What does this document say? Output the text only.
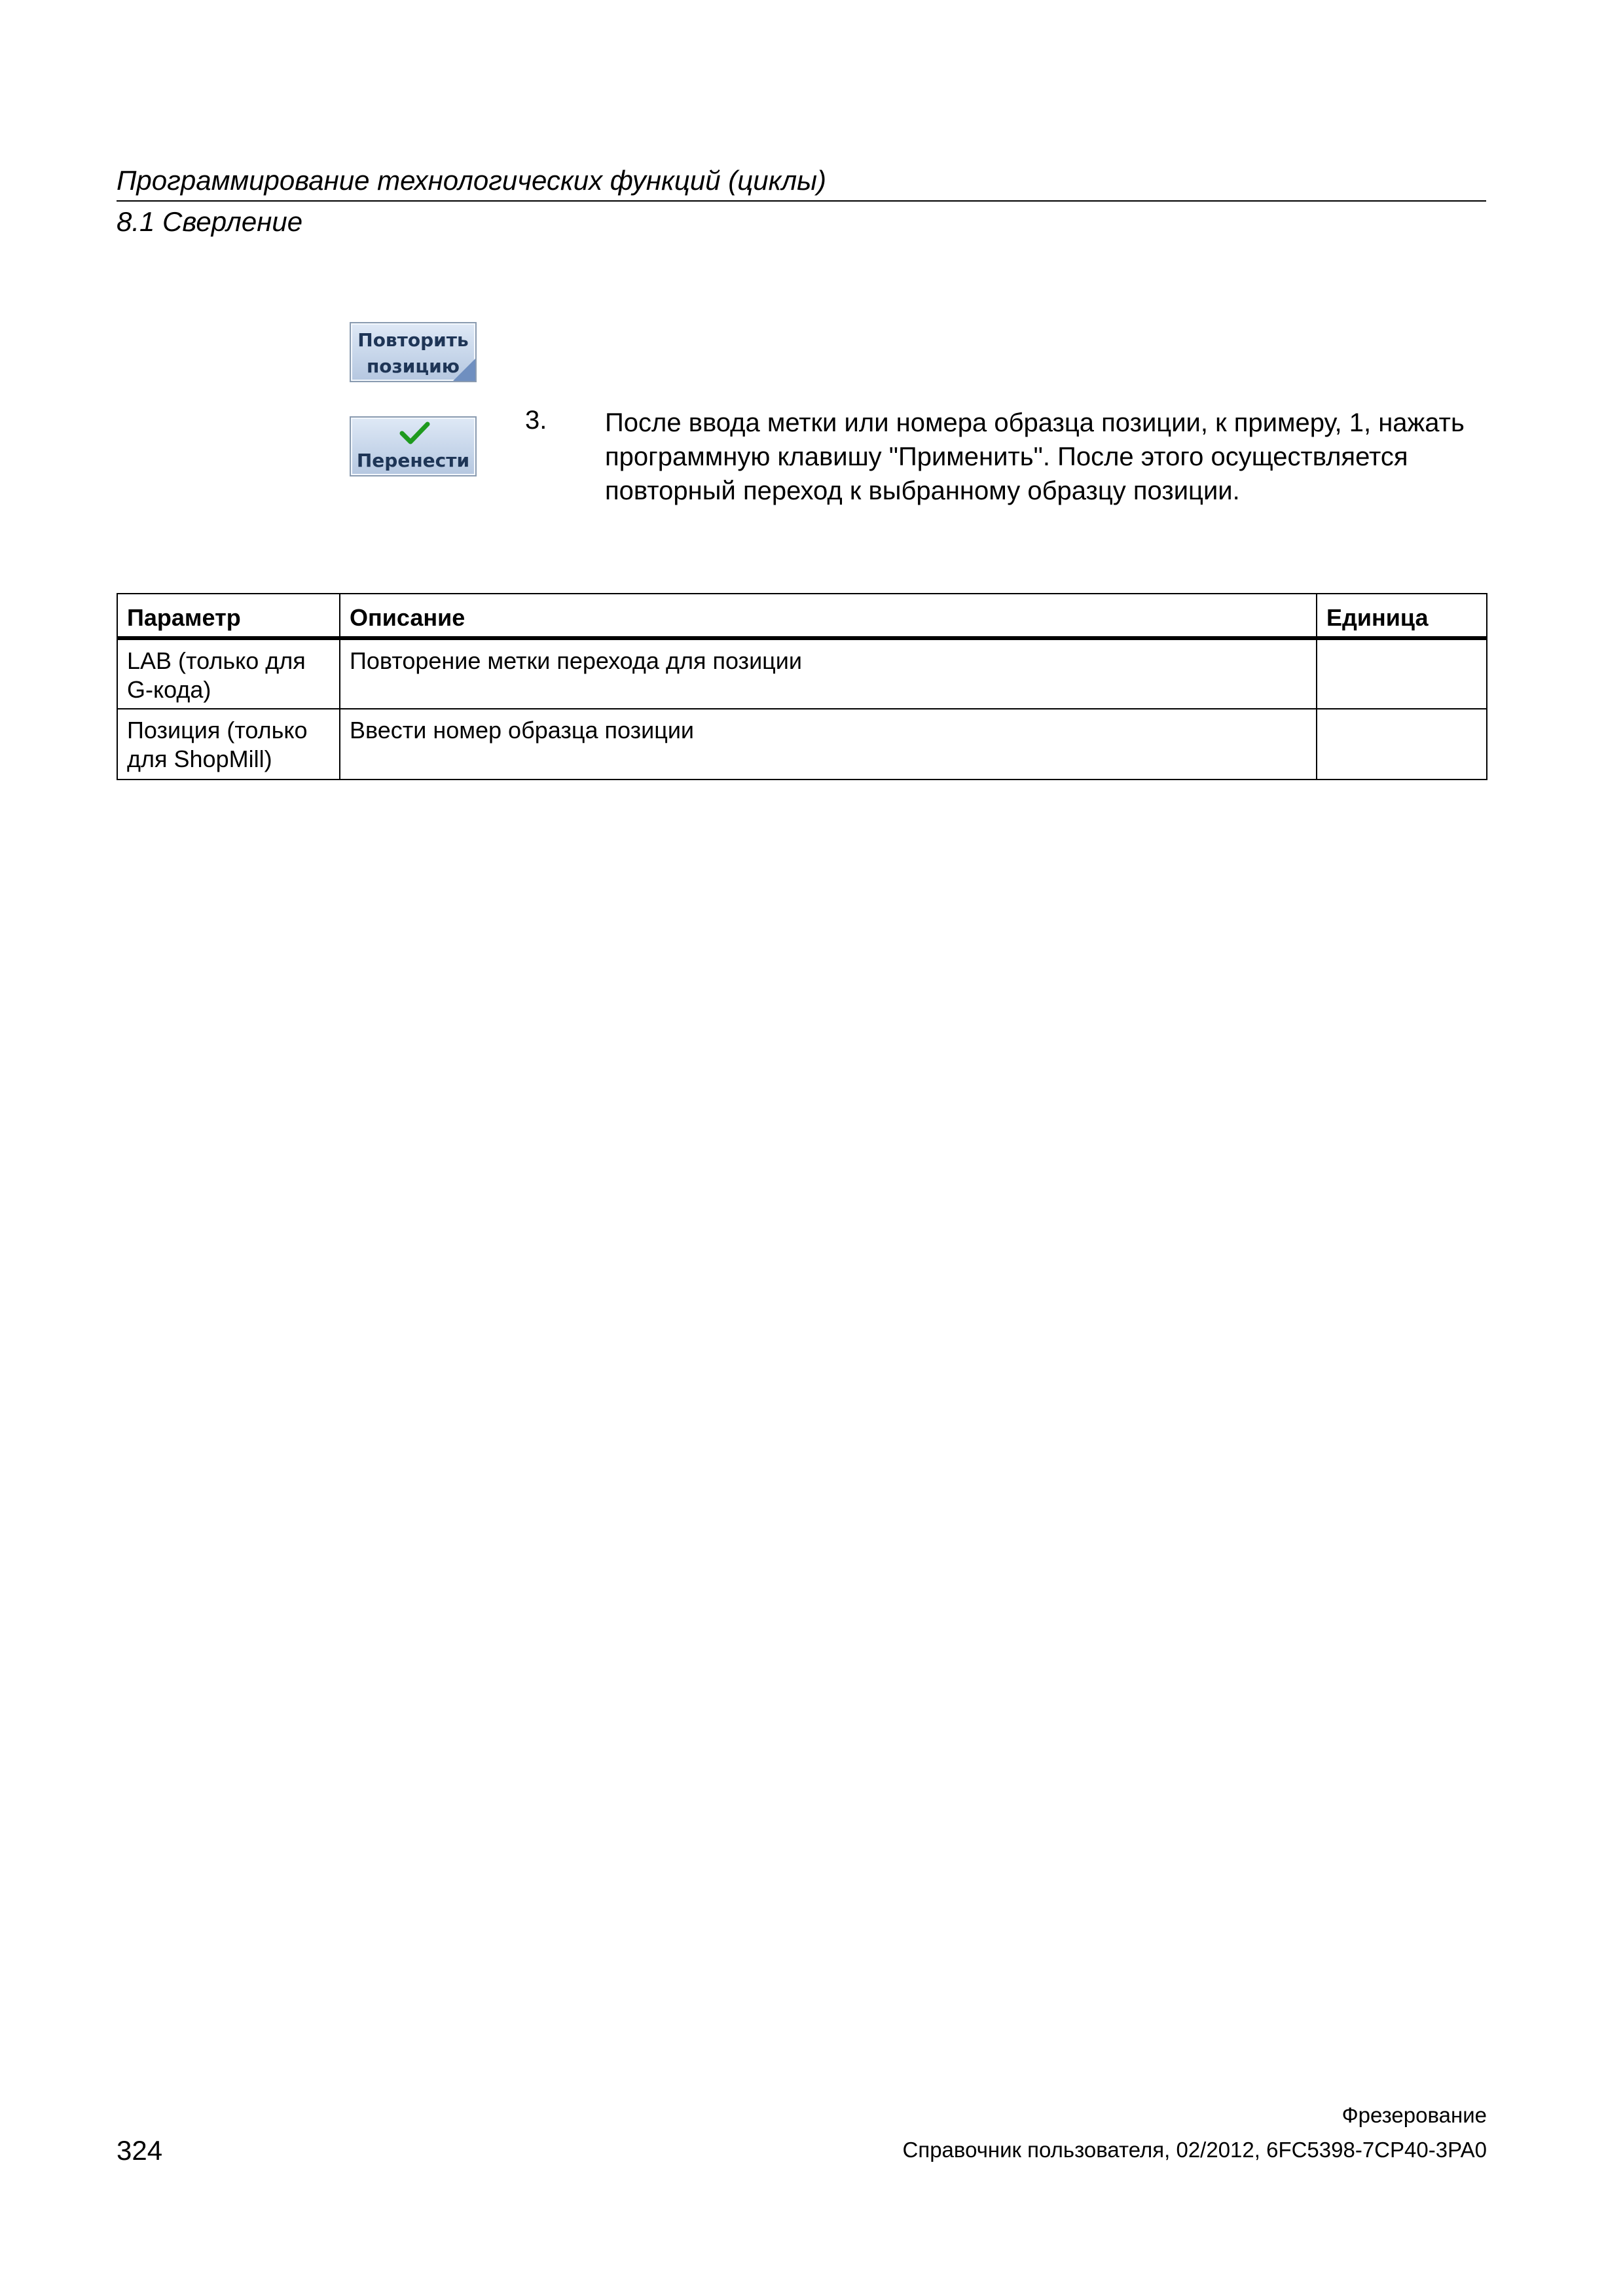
Программирование технологических функций (циклы)
8.1 Сверление
Повторить
позицию
Перенести
3. После ввода метки или номера образца позиции, к примеру, 1, нажать программную клавишу "Применить". После этого осуществляется повторный переход к выбранному образцу позиции.
Параметр	Описание	Единица
LAB (только для G-кода)	Повторение метки перехода для позиции	
Позиция (только для ShopMill)	Ввести номер образца позиции	
324
Фрезерование
Справочник пользователя, 02/2012, 6FC5398-7CP40-3PA0
